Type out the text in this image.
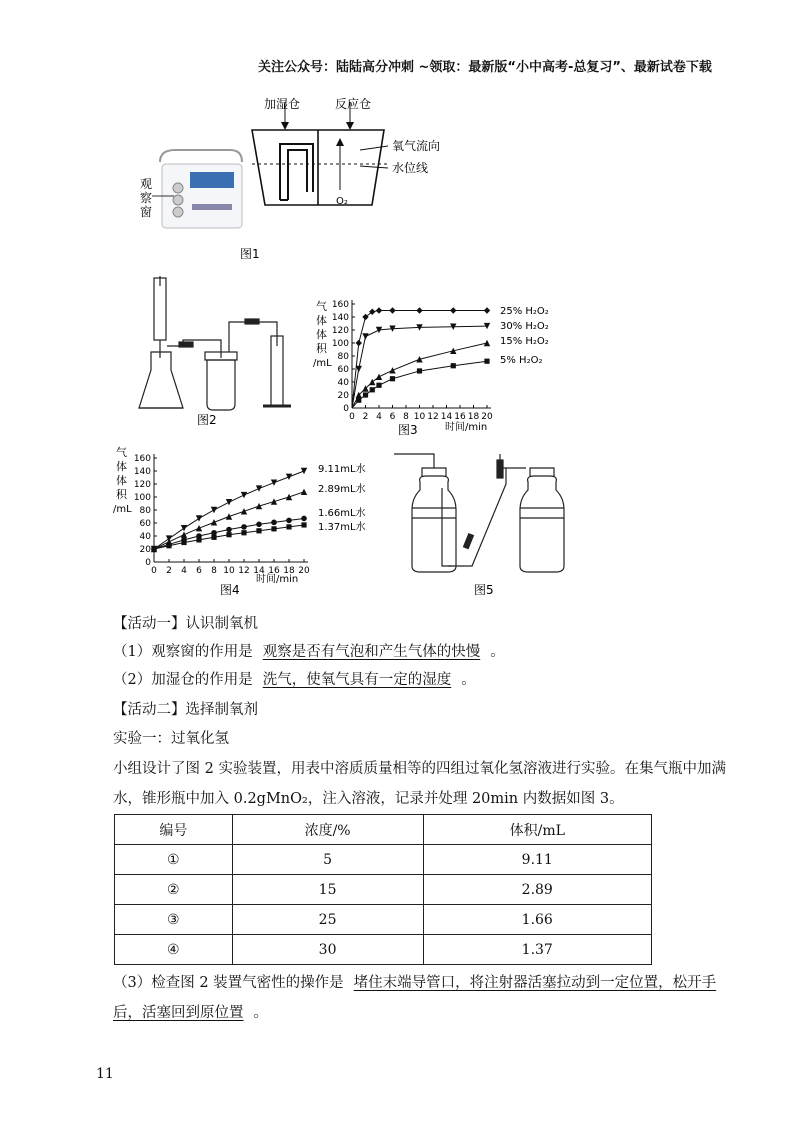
关注公众号：陆陆高分冲刺 ~领取：最新版“小中高考-总复习”、最新试卷下载
观
察
窗
加湿仓	反应仓
氧气流向
水位线
O₂
图1
图2	0 2 4 6 8 10 12 14 16 18 20
0
20
40
60
80
100
120
140
160
气
体
体
积
/mL
时间/min
25% H₂O₂
30% H₂O₂
15% H₂O₂
5% H₂O₂
图3
0 2 4 6 8 10 12 14 16 18 20
0
20
40
60
80
100
120
140
160
气
体
体
积
/mL
时间/min
9.11mL水
2.89mL水
1.66mL水
1.37mL水
图4	图5
【活动一】认识制氧机
（1）观察窗的作用是 观察是否有气泡和产生气体的快慢 。
（2）加湿仓的作用是 洗气，使氧气具有一定的湿度 。
【活动二】选择制氧剂
实验一：过氧化氢
小组设计了图 2 实验装置，用表中溶质质量相等的四组过氧化氢溶液进行实验。在集气瓶中加满
水，锥形瓶中加入 0.2gMnO₂，注入溶液，记录并处理 20min 内数据如图 3。
编号	浓度/%	体积/mL
①	5	9.11
②	15	2.89
③	25	1.66
④	30	1.37
（3）检查图 2 装置气密性的操作是 堵住末端导管口，将注射器活塞拉动到一定位置，松开手
后，活塞回到原位置 。
11
